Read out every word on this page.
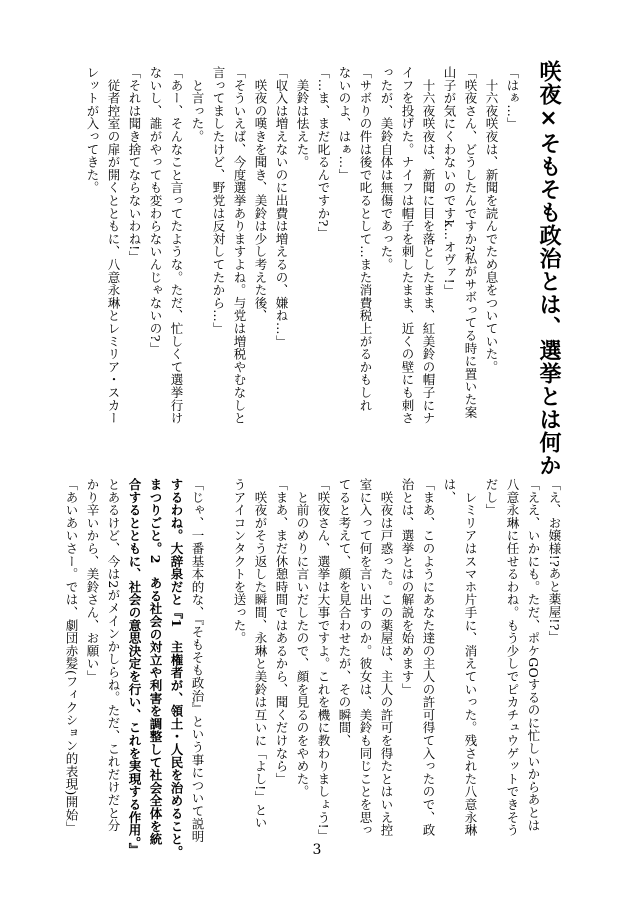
咲夜×そもそも政治とは、選挙とは何か

「はぁ…」

　十六夜咲夜は、新聞を読んでため息をついていた。

「咲夜さん、どうしたんですか?私がサボってる時に置いた案

山子が気にくわないのですk…オヴァ!」

　十六夜咲夜は、新聞に目を落としたまま、紅美鈴の帽子にナ

イフを投げた。ナイフは帽子を刺したまま、近くの壁にも刺さ

ったが、美鈴自体は無傷であった。

「サボりの件は後で叱るとして…また消費税上がるかもしれ

ないのよ、はぁ…」

「…ま、まだ叱るんですか?」

　美鈴は怯えた。

「収入は増えないのに出費は増えるの、嫌ね…」

　咲夜の嘆きを聞き、美鈴は少し考えた後、

「そういえば、今度選挙ありますよね。与党は増税やむなしと

言ってましたけど、野党は反対してたから…」

　と言った。

「あー、そんなこと言ってたような。ただ、忙しくて選挙行け

ないし、誰がやっても変わらないんじゃないの?」

「それは聞き捨てならないわね!」

　従者控室の扉が開くとともに、八意永琳とレミリア・スカー

レットが入ってきた。

「え、お嬢様!?あと薬屋!?」

「ええ、いかにも。ただ、ポケGOするのに忙しいからあとは

八意永琳に任せるわね。もう少しでピカチュウゲットできそう

だし」

　レミリアはスマホ片手に、消えていった。残された八意永琳

は、

「まあ、このようにあなた達の主人の許可得て入ったので、政

治とは、選挙とはの解説を始めます」

　咲夜は戸惑った。この薬屋は、主人の許可を得たとはいえ控

室に入って何を言い出すのか。彼女は、美鈴も同じことを思っ

てると考えて、顔を見合わせたが、その瞬間、

「咲夜さん、選挙は大事ですよ。これを機に教わりましょう!」

　と前のめりに言いだしたので、顔を見るのをやめた。

「まあ、まだ休憩時間ではあるから、聞くだけなら」

　咲夜がそう返した瞬間、永琳と美鈴は互いに「よし!」とい

うアイコンタクトを送った。

「じゃ、一番基本的な、『そもそも政治』という事について説明

するわね。大辞泉だと『1　主権者が、領土・人民を治めること。

まつりごと。2　ある社会の対立や利害を調整して社会全体を統

合するとともに、社会の意思決定を行い、これを実現する作用。』

とあるけど、今は2がメインかしらね。ただ、これだけだと分

かり辛いから、美鈴さん、お願い」

「あいあいさー。では、劇団赤髪(フィクション的表現)開始」

3
